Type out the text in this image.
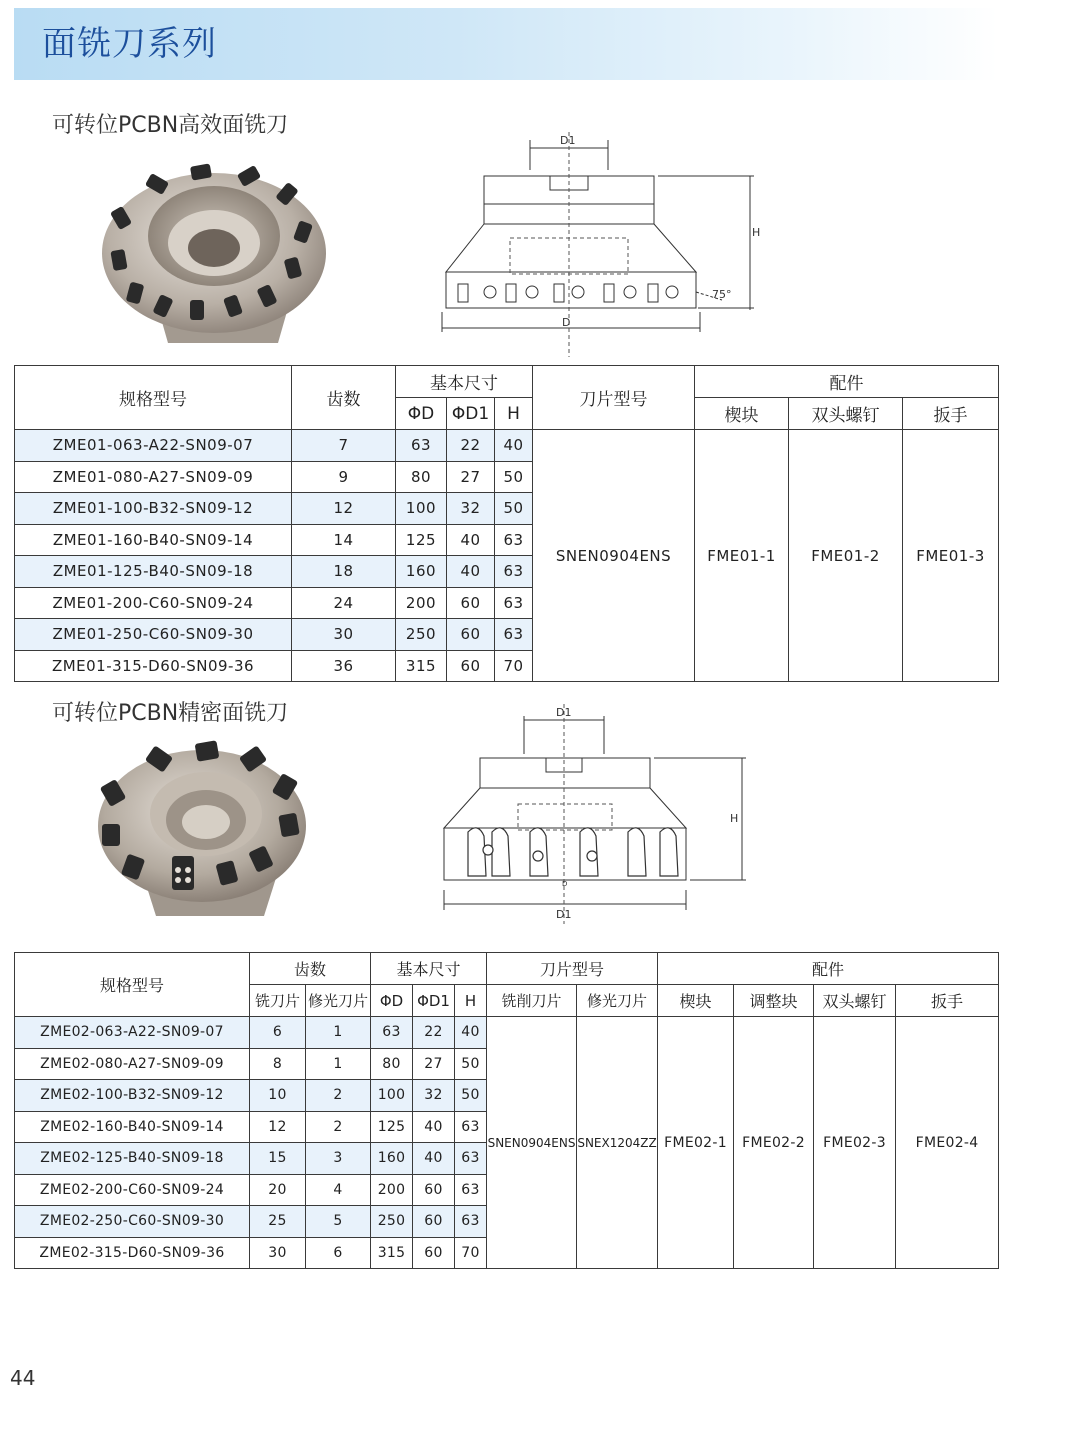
面铣刀系列
可转位PCBN高效面铣刀
D1
H
75°
D
规格型号	齿数	基本尺寸			刀片型号	配件		
		ΦD	ΦD1	H		楔块	双头螺钉	扳手
ZME01-063-A22-SN09-07	7	63	22	40	SNEN0904ENS	FME01-1	FME01-2	FME01-3
ZME01-080-A27-SN09-09	9	80	27	50				
ZME01-100-B32-SN09-12	12	100	32	50				
ZME01-160-B40-SN09-14	14	125	40	63				
ZME01-125-B40-SN09-18	18	160	40	63				
ZME01-200-C60-SN09-24	24	200	60	63				
ZME01-250-C60-SN09-30	30	250	60	63				
ZME01-315-D60-SN09-36	36	315	60	70				
可转位PCBN精密面铣刀	D1
H
D
D1
规格型号	齿数		基本尺寸			刀片型号		配件			
	铣刀片	修光刀片	ΦD	ΦD1	H	铣削刀片	修光刀片	楔块	调整块	双头螺钉	扳手
ZME02-063-A22-SN09-07	6	1	63	22	40	SNEN0904ENS	SNEX1204ZZ	FME02-1	FME02-2	FME02-3	FME02-4
ZME02-080-A27-SN09-09	8	1	80	27	50						
ZME02-100-B32-SN09-12	10	2	100	32	50						
ZME02-160-B40-SN09-14	12	2	125	40	63						
ZME02-125-B40-SN09-18	15	3	160	40	63						
ZME02-200-C60-SN09-24	20	4	200	60	63						
ZME02-250-C60-SN09-30	25	5	250	60	63						
ZME02-315-D60-SN09-36	30	6	315	60	70						
44
